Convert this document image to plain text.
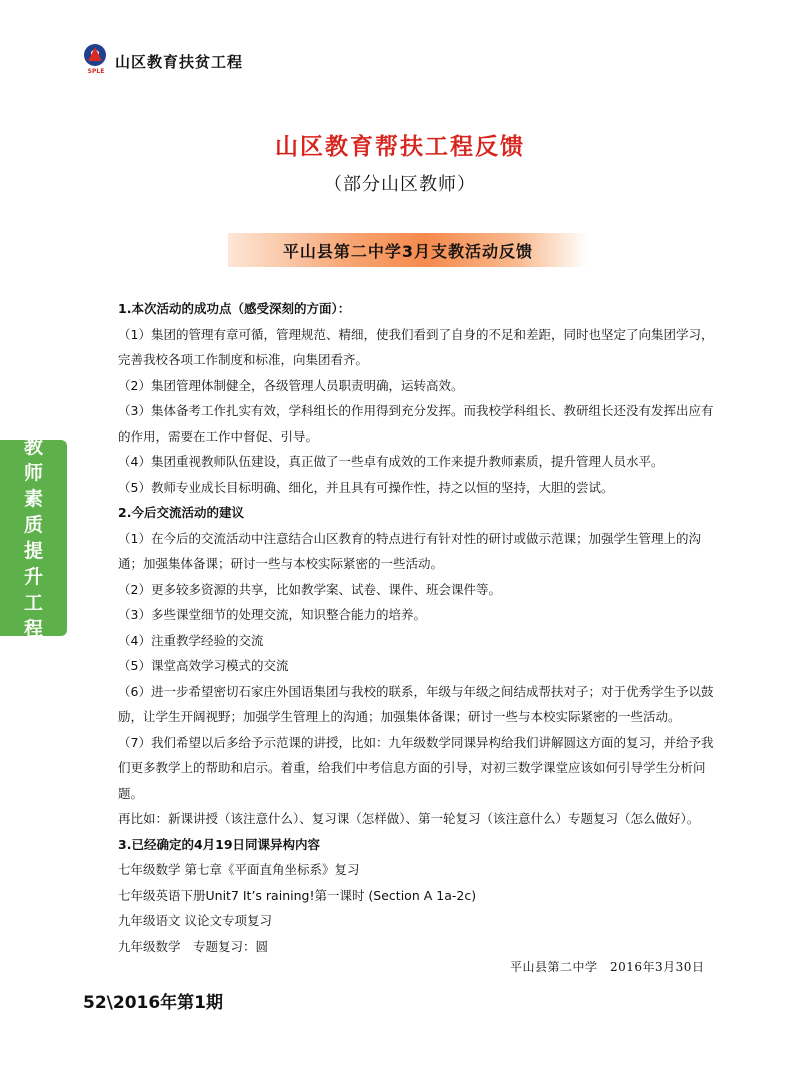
SPLE
山区教育扶贫工程
山区教育帮扶工程反馈
（部分山区教师）
平山县第二中学3月支教活动反馈
教
师
素
质
提
升
工
程

1.本次活动的成功点（感受深刻的方面）：

（1）集团的管理有章可循，管理规范、精细，使我们看到了自身的不足和差距，同时也坚定了向集团学习，完善我校各项工作制度和标准，向集团看齐。

（2）集团管理体制健全，各级管理人员职责明确，运转高效。

（3）集体备考工作扎实有效，学科组长的作用得到充分发挥。而我校学科组长、教研组长还没有发挥出应有的作用，需要在工作中督促、引导。

（4）集团重视教师队伍建设，真正做了一些卓有成效的工作来提升教师素质，提升管理人员水平。

（5）教师专业成长目标明确、细化，并且具有可操作性，持之以恒的坚持，大胆的尝试。

2.今后交流活动的建议

（1）在今后的交流活动中注意结合山区教育的特点进行有针对性的研讨或做示范课；加强学生管理上的沟通；加强集体备课；研讨一些与本校实际紧密的一些活动。

（2）更多较多资源的共享，比如教学案、试卷、课件、班会课件等。

（3）多些课堂细节的处理交流，知识整合能力的培养。

（4）注重教学经验的交流

（5）课堂高效学习模式的交流

（6）进一步希望密切石家庄外国语集团与我校的联系，年级与年级之间结成帮扶对子；对于优秀学生予以鼓励，让学生开阔视野；加强学生管理上的沟通；加强集体备课；研讨一些与本校实际紧密的一些活动。

（7）我们希望以后多给予示范课的讲授，比如：九年级数学同课异构给我们讲解圆这方面的复习，并给予我们更多教学上的帮助和启示。着重，给我们中考信息方面的引导，对初三数学课堂应该如何引导学生分析问题。

再比如：新课讲授（该注意什么）、复习课（怎样做）、第一轮复习（该注意什么）专题复习（怎么做好）。

3.已经确定的4月19日同课异构内容

七年级数学 第七章《平面直角坐标系》复习

七年级英语下册Unit7 It’s raining!第一课时 (Section A 1a-2c)

九年级语文 议论文专项复习

九年级数学　专题复习：圆

平山县第二中学　2016年3月30日
52\2016年第1期
